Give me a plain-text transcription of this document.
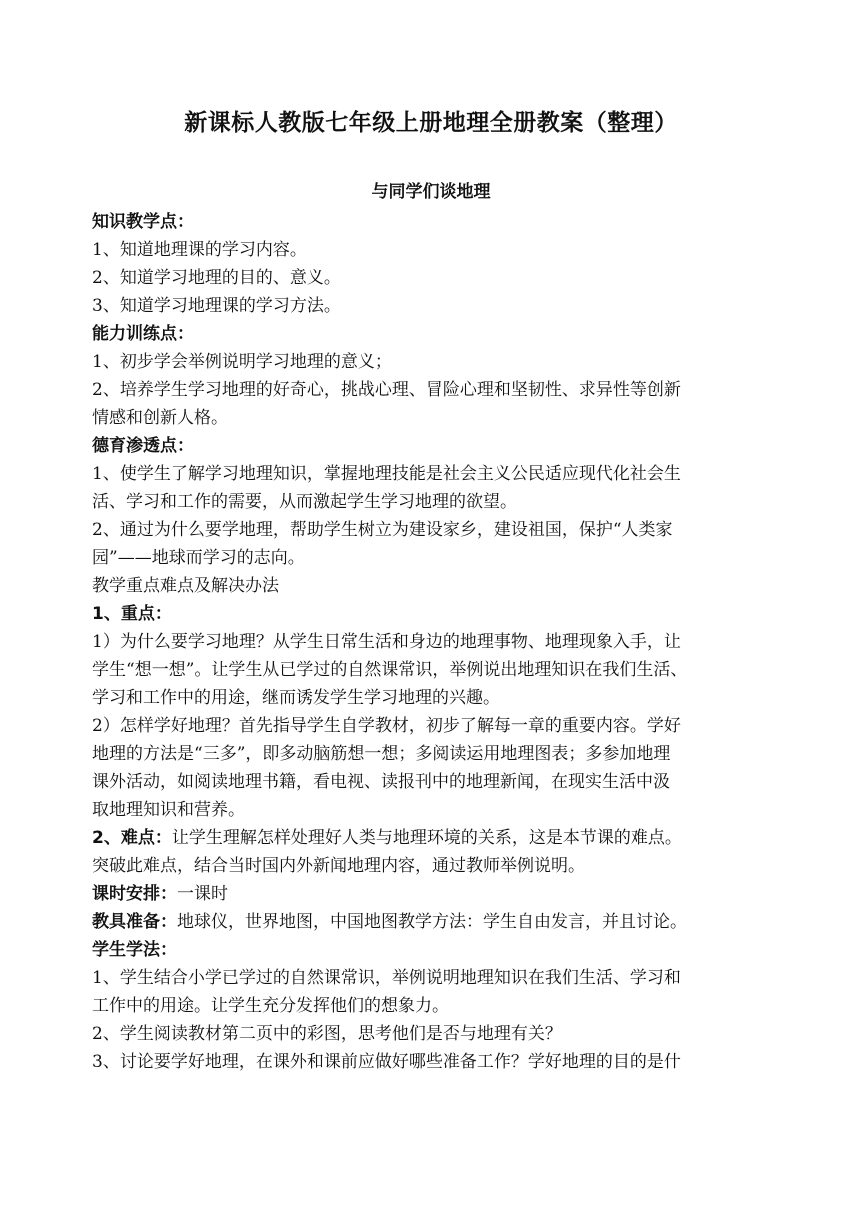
新课标人教版七年级上册地理全册教案（整理）
与同学们谈地理

知识教学点：

1、知道地理课的学习内容。

2、知道学习地理的目的、意义。

3、知道学习地理课的学习方法。

能力训练点：

1、初步学会举例说明学习地理的意义；

2、培养学生学习地理的好奇心，挑战心理、冒险心理和坚韧性、求异性等创新

情感和创新人格。

德育渗透点：

1、使学生了解学习地理知识，掌握地理技能是社会主义公民适应现代化社会生

活、学习和工作的需要，从而激起学生学习地理的欲望。

2、通过为什么要学地理，帮助学生树立为建设家乡，建设祖国，保护“人类家

园”——地球而学习的志向。

教学重点难点及解决办法

1、重点：

1）为什么要学习地理？从学生日常生活和身边的地理事物、地理现象入手，让

学生“想一想”。让学生从已学过的自然课常识，举例说出地理知识在我们生活、

学习和工作中的用途，继而诱发学生学习地理的兴趣。

2）怎样学好地理？首先指导学生自学教材，初步了解每一章的重要内容。学好

地理的方法是“三多”，即多动脑筋想一想；多阅读运用地理图表；多参加地理

课外活动，如阅读地理书籍，看电视、读报刊中的地理新闻，在现实生活中汲

取地理知识和营养。

2、难点：让学生理解怎样处理好人类与地理环境的关系，这是本节课的难点。

突破此难点，结合当时国内外新闻地理内容，通过教师举例说明。

课时安排：一课时

教具准备：地球仪，世界地图，中国地图教学方法：学生自由发言，并且讨论。

学生学法：

1、学生结合小学已学过的自然课常识，举例说明地理知识在我们生活、学习和

工作中的用途。让学生充分发挥他们的想象力。

2、学生阅读教材第二页中的彩图，思考他们是否与地理有关？

3、讨论要学好地理，在课外和课前应做好哪些准备工作？学好地理的目的是什
